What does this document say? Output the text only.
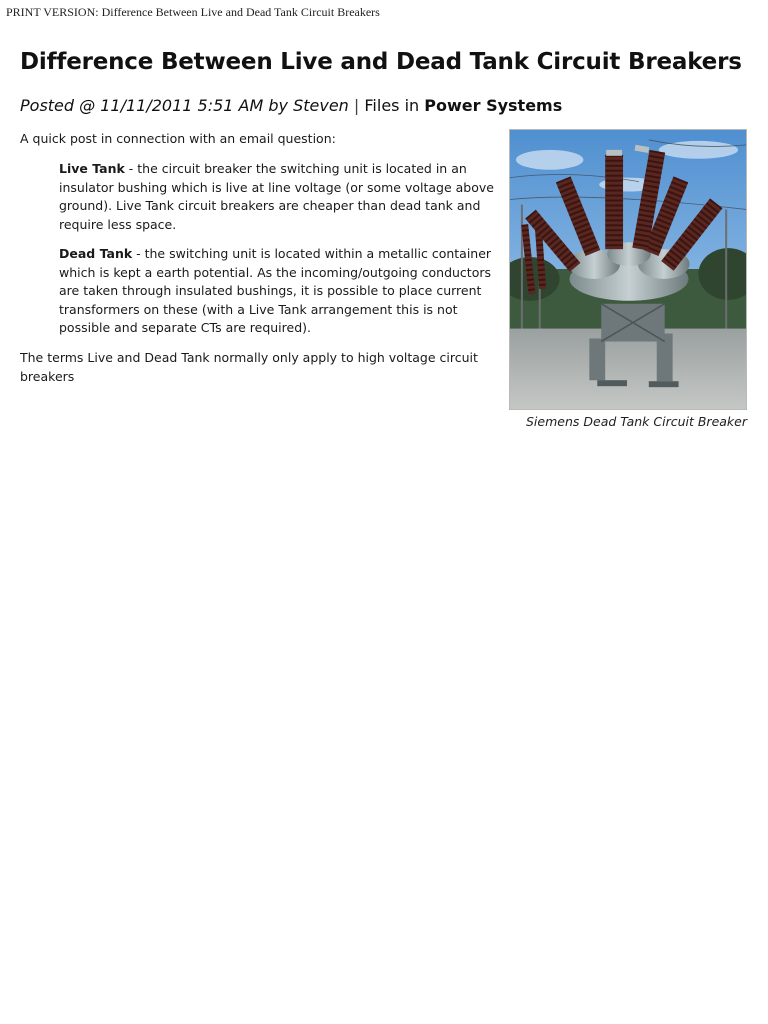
PRINT VERSION: Difference Between Live and Dead Tank Circuit Breakers
Difference Between Live and Dead Tank Circuit Breakers
Posted @ 11/11/2011 5:51 AM by Steven | Files in Power Systems

A quick post in connection with an email question:

Live Tank - the circuit breaker the switching unit is located in an insulator bushing which is live at line voltage (or some voltage above ground). Live Tank circuit breakers are cheaper than dead tank and require less space.

Dead Tank - the switching unit is located within a metallic container which is kept a earth potential. As the incoming/outgoing conductors are taken through insulated bushings, it is possible to place current transformers on these (with a Live Tank arrangement this is not possible and separate CTs are required).

The terms Live and Dead Tank normally only apply to high voltage circuit breakers

Siemens Dead Tank Circuit Breaker
